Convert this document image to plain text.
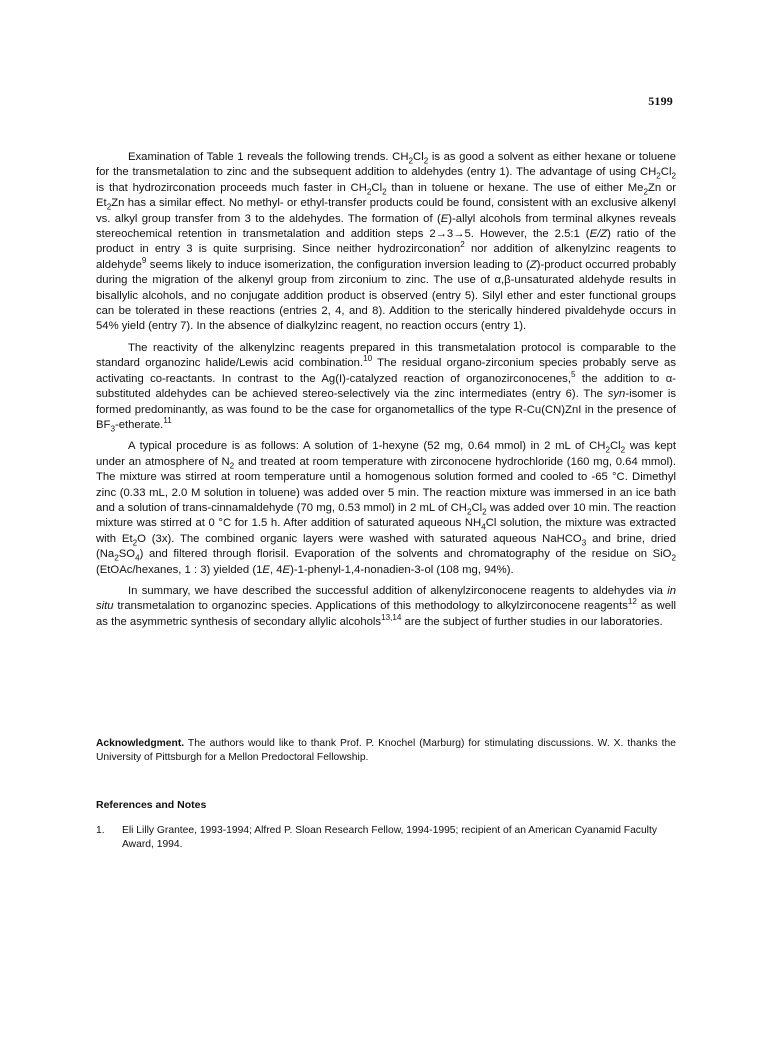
5199

Examination of Table 1 reveals the following trends. $CH_2Cl_2$ is as good a solvent as either hexane or toluene for the transmetalation to zinc and the subsequent addition to aldehydes (entry 1). The advantage of using $CH_2Cl_2$ is that hydrozirconation proceeds much faster in $CH_2Cl_2$ than in toluene or hexane. The use of either $Me_2Zn$ or $Et_2Zn$ has a similar effect. No methyl- or ethyl-transfer products could be found, consistent with an exclusive alkenyl vs. alkyl group transfer from 3 to the aldehydes. The formation of (E)-allyl alcohols from terminal alkynes reveals stereochemical retention in transmetalation and addition steps 2→3→5. However, the 2.5:1 (E/Z) ratio of the product in entry 3 is quite surprising. Since neither hydrozirconation$^2$ nor addition of alkenylzinc reagents to aldehyde$^9$ seems likely to induce isomerization, the configuration inversion leading to (Z)-product occurred probably during the migration of the alkenyl group from zirconium to zinc. The use of α,β-unsaturated aldehyde results in bisallylic alcohols, and no conjugate addition product is observed (entry 5). Silyl ether and ester functional groups can be tolerated in these reactions (entries 2, 4, and 8). Addition to the sterically hindered pivaldehyde occurs in 54% yield (entry 7). In the absence of dialkylzinc reagent, no reaction occurs (entry 1).

The reactivity of the alkenylzinc reagents prepared in this transmetalation protocol is comparable to the standard organozinc halide/Lewis acid combination.$^{10}$ The residual organo-zirconium species probably serve as activating co-reactants. In contrast to the Ag(I)-catalyzed reaction of organozirconocenes,$^5$ the addition to α-substituted aldehydes can be achieved stereo-selectively via the zinc intermediates (entry 6). The syn-isomer is formed predominantly, as was found to be the case for organometallics of the type R-Cu(CN)ZnI in the presence of $BF_3-etherate.^{11}$

A typical procedure is as follows: A solution of 1-hexyne (52 mg, 0.64 mmol) in 2 mL of $CH_2Cl_2$ was kept under an atmosphere of $N_2$ and treated at room temperature with zirconocene hydrochloride (160 mg, 0.64 mmol). The mixture was stirred at room temperature until a homogenous solution formed and cooled to -65 °C. Dimethyl zinc (0.33 mL, 2.0 M solution in toluene) was added over 5 min. The reaction mixture was immersed in an ice bath and a solution of trans-cinnamaldehyde (70 mg, 0.53 mmol) in 2 mL of $CH_2Cl_2$ was added over 10 min. The reaction mixture was stirred at 0 °C for 1.5 h. After addition of saturated aqueous $NH_4Cl$ solution, the mixture was extracted with $Et_2O$ (3x). The combined organic layers were washed with saturated aqueous NaHCO$_3$ and brine, dried $(Na_2SO_4)$ and filtered through florisil. Evaporation of the solvents and chromatography of the residue on SiO$_2$ (EtOAc/hexanes, 1 : 3) yielded (1E, 4E)-1-phenyl-1,4-nonadien-3-ol (108 mg, 94%).

In summary, we have described the successful addition of alkenylzirconocene reagents to aldehydes via in situ transmetalation to organozinc species. Applications of this methodology to alkylzirconocene reagents$^{12}$ as well as the asymmetric synthesis of secondary allylic alcohols$^{13,14}$ are the subject of further studies in our laboratories.

Acknowledgment. The authors would like to thank Prof. P. Knochel (Marburg) for stimulating discussions. W. X. thanks the University of Pittsburgh for a Mellon Predoctoral Fellowship.
References and Notes
1. Eli Lilly Grantee, 1993-1994; Alfred P. Sloan Research Fellow, 1994-1995; recipient of an American Cyanamid Faculty Award, 1994.
